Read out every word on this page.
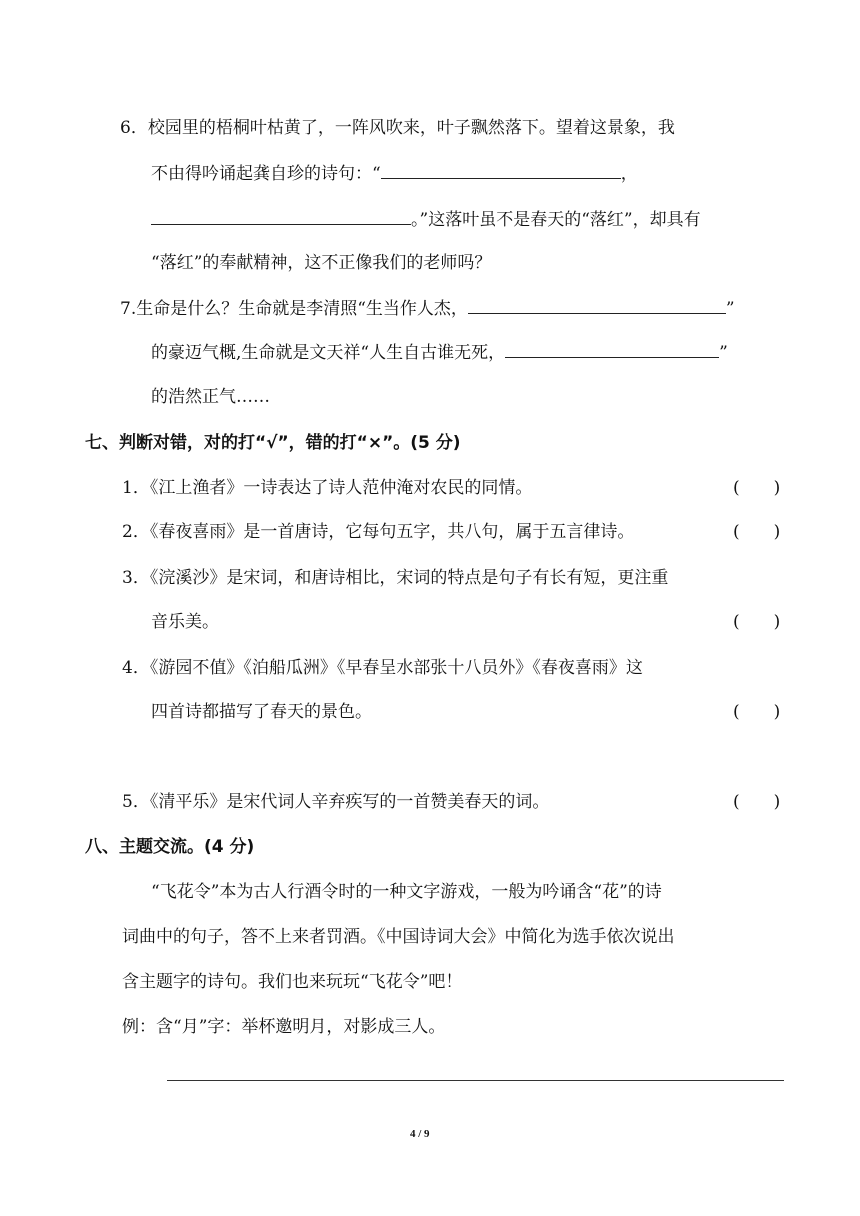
6．校园里的梧桐叶枯黄了，一阵风吹来，叶子飘然落下。望着这景象，我
不由得吟诵起龚自珍的诗句：“	，
。”这落叶虽不是春天的“落红”，却具有
“落红”的奉献精神，这不正像我们的老师吗？
7.生命是什么？生命就是李清照“生当作人杰，	”
的豪迈气概,生命就是文天祥“人生自古谁无死，	”
的浩然正气……
七、判断对错，对的打“√”，错的打“×”。(5 分)
1．《江上渔者》一诗表达了诗人范仲淹对农民的同情。	(　　)
2．《春夜喜雨》是一首唐诗，它每句五字，共八句，属于五言律诗。	(　　)
3．《浣溪沙》是宋词，和唐诗相比，宋词的特点是句子有长有短，更注重
音乐美。	(　　)
4．《游园不值》《泊船瓜洲》《早春呈水部张十八员外》《春夜喜雨》这
四首诗都描写了春天的景色。	(　　)
5．《清平乐》是宋代词人辛弃疾写的一首赞美春天的词。	(　　)
八、主题交流。(4 分)
“飞花令”本为古人行酒令时的一种文字游戏，一般为吟诵含“花”的诗
词曲中的句子，答不上来者罚酒。《中国诗词大会》中简化为选手依次说出
含主题字的诗句。我们也来玩玩“飞花令”吧！
例：含“月”字：举杯邀明月，对影成三人。
4 / 9
